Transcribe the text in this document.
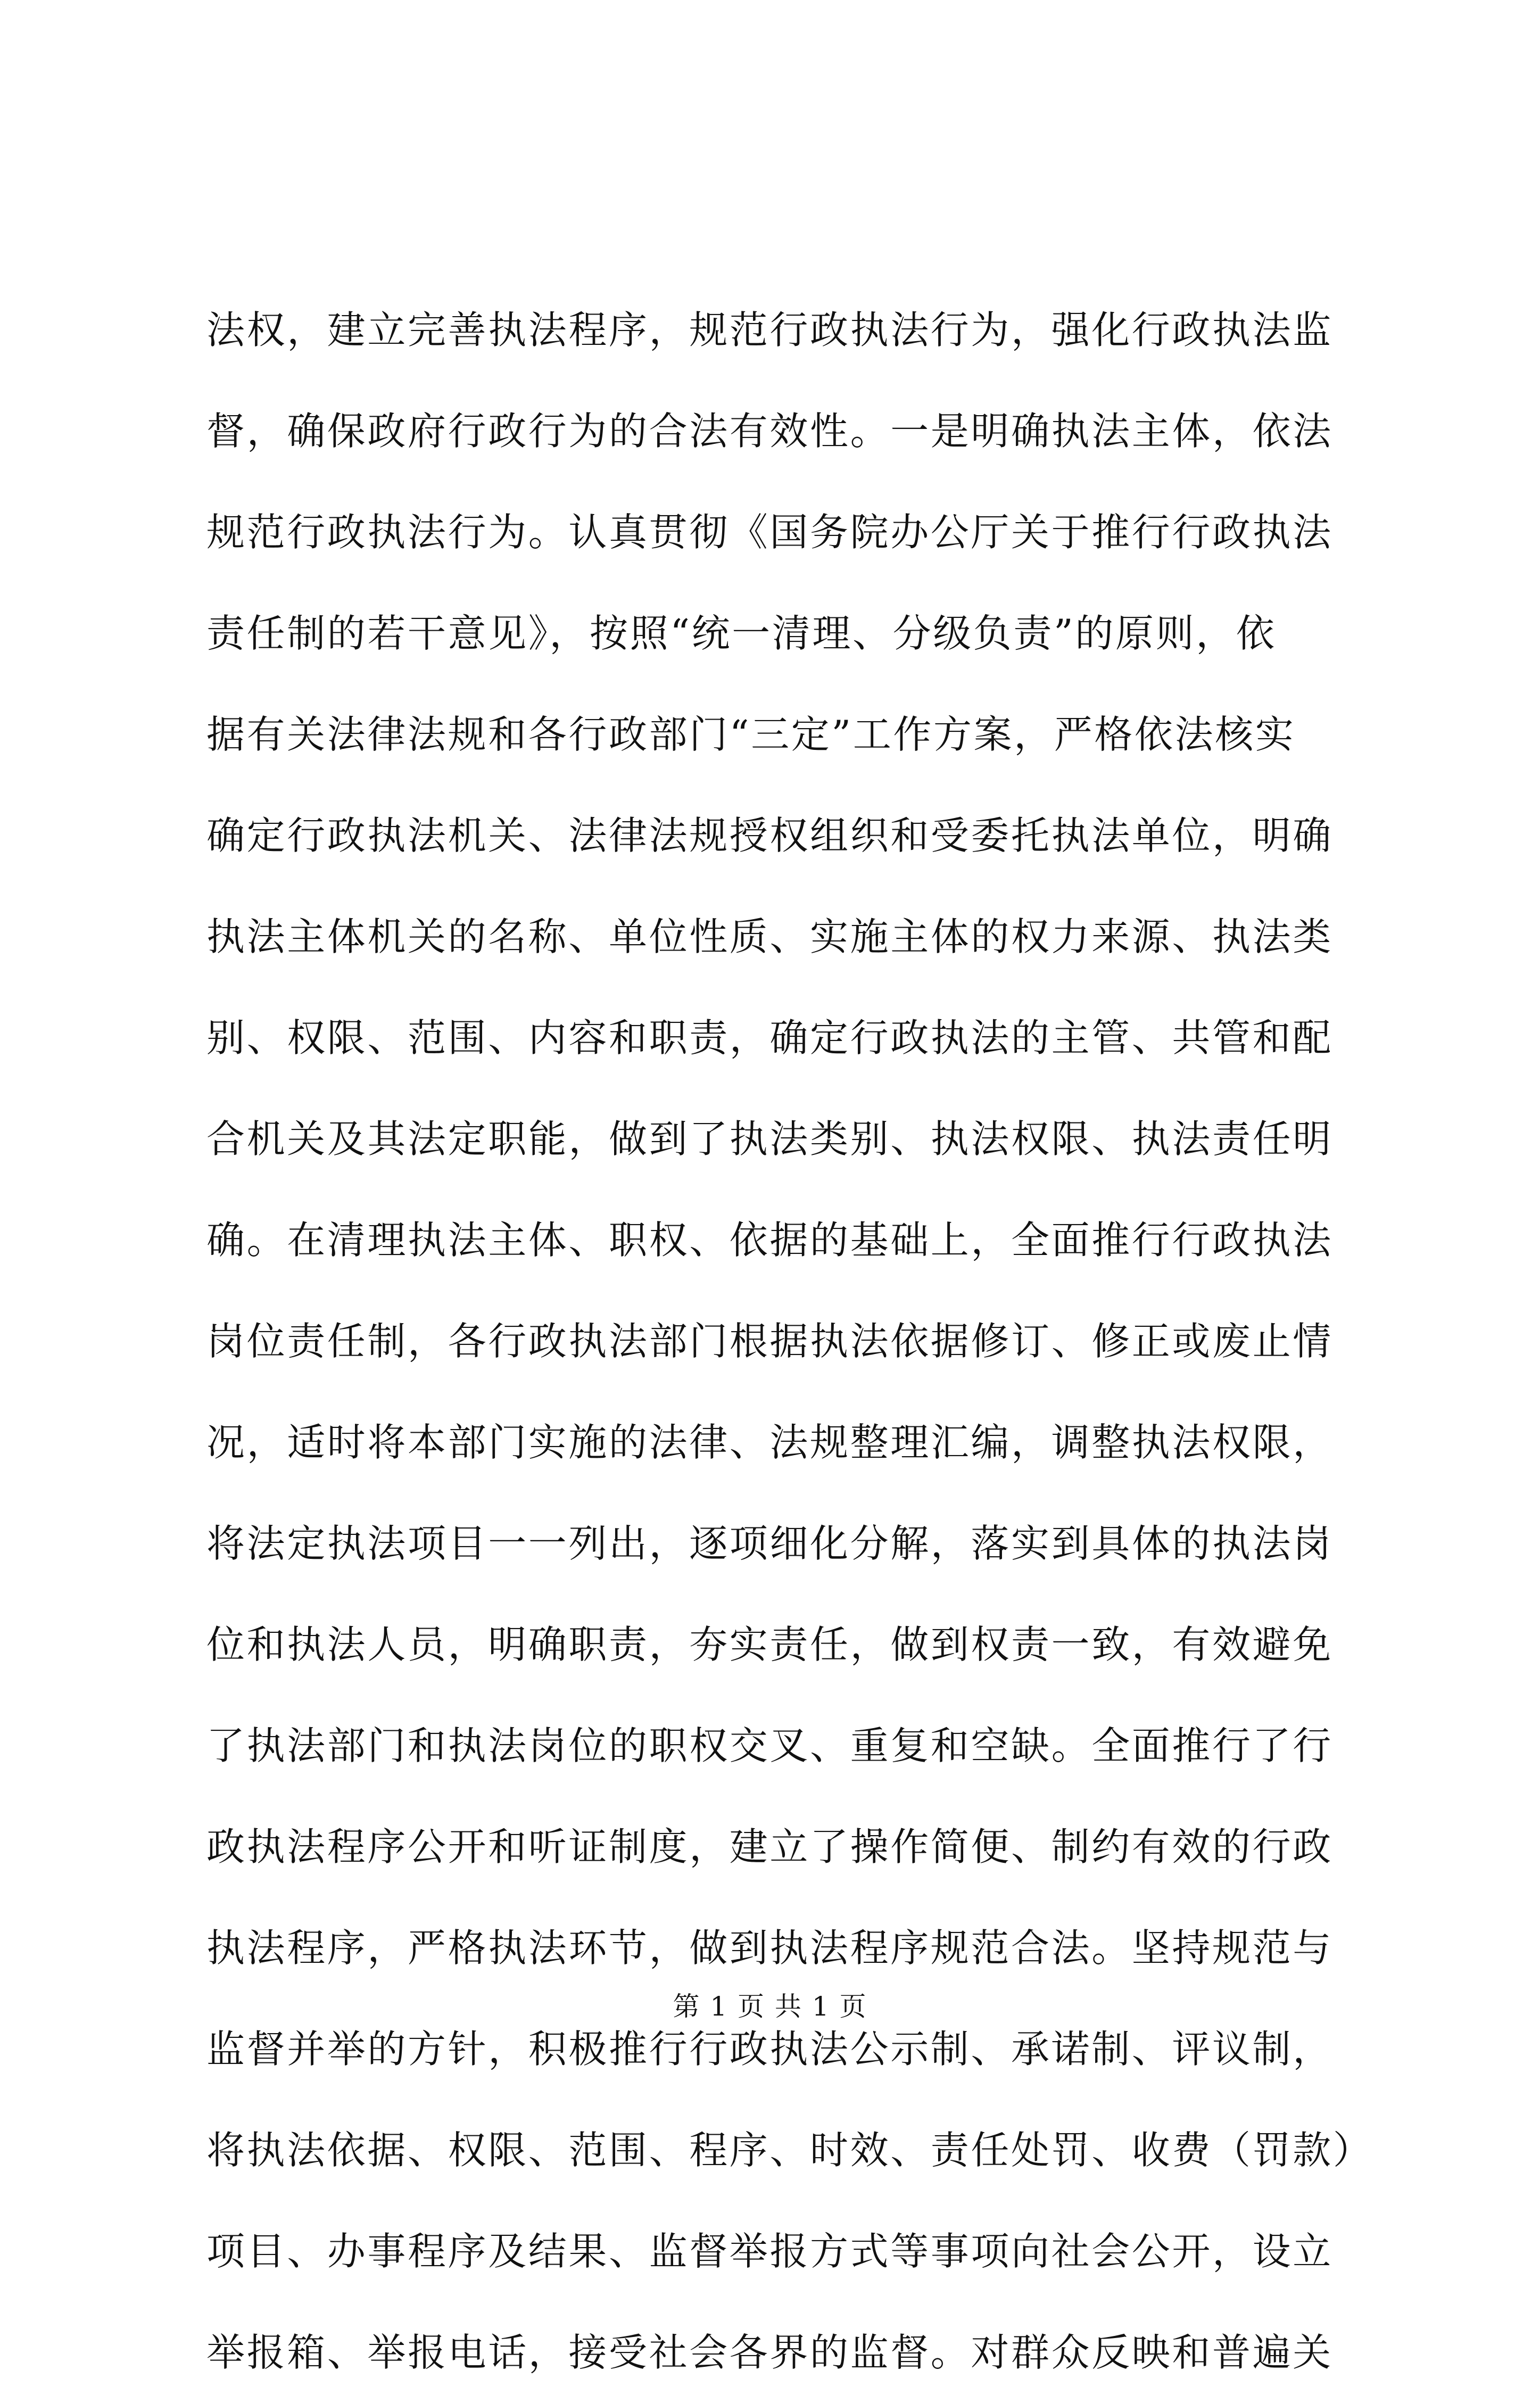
法权，建立完善执法程序，规范行政执法行为，强化行政执法监
督，确保政府行政行为的合法有效性。一是明确执法主体，依法
规范行政执法行为。认真贯彻《国务院办公厅关于推行行政执法
责任制的若干意见》，按照“统一清理、分级负责”的原则，依
据有关法律法规和各行政部门“三定”工作方案，严格依法核实
确定行政执法机关、法律法规授权组织和受委托执法单位，明确
执法主体机关的名称、单位性质、实施主体的权力来源、执法类
别、权限、范围、内容和职责，确定行政执法的主管、共管和配
合机关及其法定职能，做到了执法类别、执法权限、执法责任明
确。在清理执法主体、职权、依据的基础上，全面推行行政执法
岗位责任制，各行政执法部门根据执法依据修订、修正或废止情
况，适时将本部门实施的法律、法规整理汇编，调整执法权限，
将法定执法项目一一列出，逐项细化分解，落实到具体的执法岗
位和执法人员，明确职责，夯实责任，做到权责一致，有效避免
了执法部门和执法岗位的职权交叉、重复和空缺。全面推行了行
政执法程序公开和听证制度，建立了操作简便、制约有效的行政
执法程序，严格执法环节，做到执法程序规范合法。坚持规范与
监督并举的方针，积极推行行政执法公示制、承诺制、评议制，
将执法依据、权限、范围、程序、时效、责任处罚、收费（罚款）
项目、办事程序及结果、监督举报方式等事项向社会公开，设立
举报箱、举报电话，接受社会各界的监督。对群众反映和普遍关
第 1 页 共 1 页
